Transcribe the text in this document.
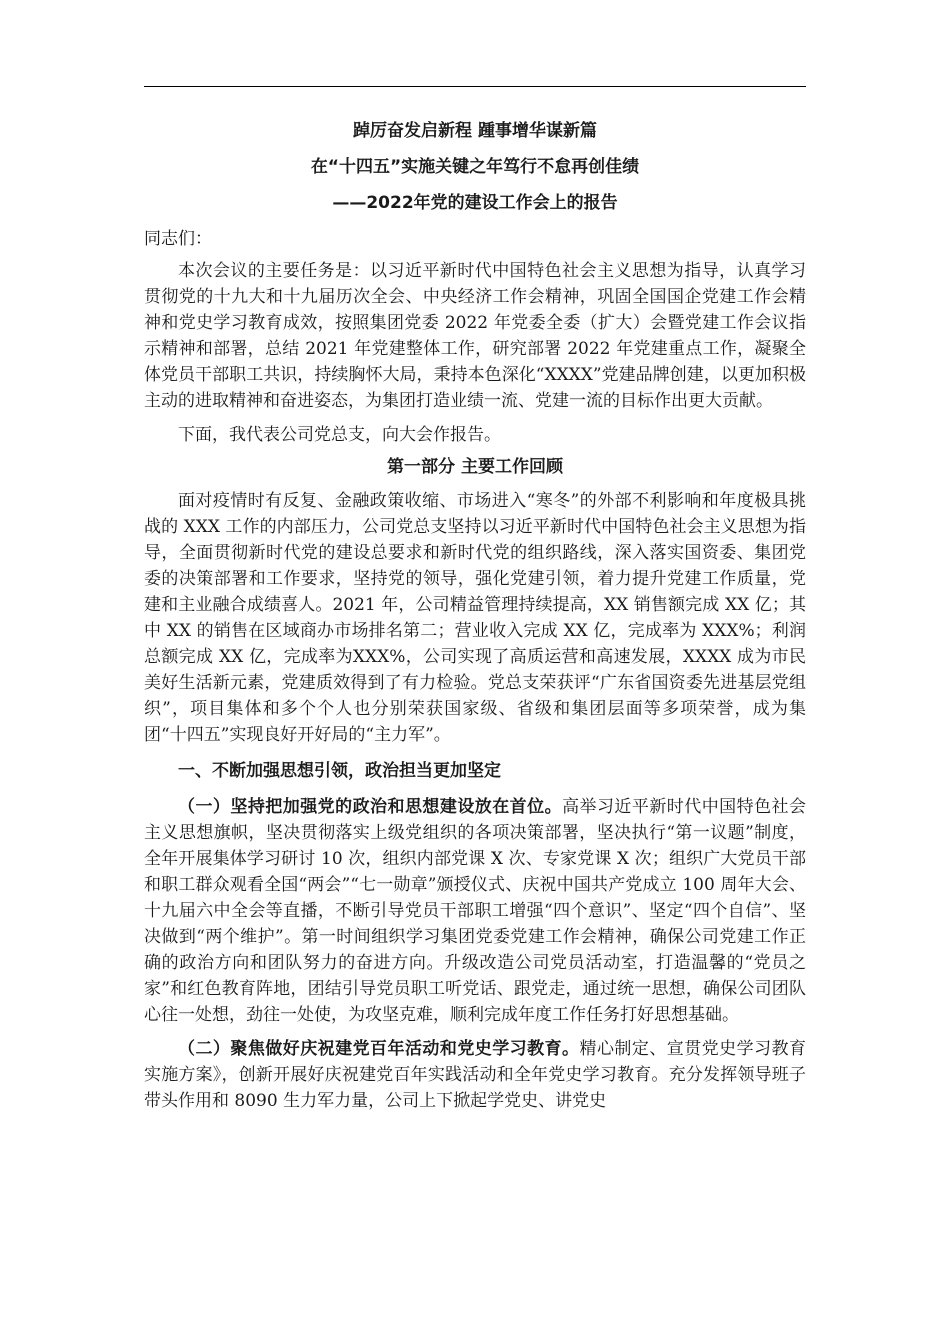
踔厉奋发启新程 踵事增华谋新篇
在“十四五”实施关键之年笃行不怠再创佳绩
——2022年党的建设工作会上的报告

同志们：

本次会议的主要任务是：以习近平新时代中国特色社会主义思想为指导，认真学习贯彻党的十九大和十九届历次全会、中央经济工作会精神，巩固全国国企党建工作会精神和党史学习教育成效，按照集团党委 2022 年党委全委（扩大）会暨党建工作会议指示精神和部署，总结 2021 年党建整体工作，研究部署 2022 年党建重点工作，凝聚全体党员干部职工共识，持续胸怀大局，秉持本色深化“XXXX”党建品牌创建，以更加积极主动的进取精神和奋进姿态，为集团打造业绩一流、党建一流的目标作出更大贡献。

下面，我代表公司党总支，向大会作报告。

第一部分 主要工作回顾

面对疫情时有反复、金融政策收缩、市场进入“寒冬”的外部不利影响和年度极具挑战的 XXX 工作的内部压力，公司党总支坚持以习近平新时代中国特色社会主义思想为指导，全面贯彻新时代党的建设总要求和新时代党的组织路线，深入落实国资委、集团党委的决策部署和工作要求，坚持党的领导，强化党建引领，着力提升党建工作质量，党建和主业融合成绩喜人。2021 年，公司精益管理持续提高，XX 销售额完成 XX 亿；其中 XX 的销售在区域商办市场排名第二；营业收入完成 XX 亿，完成率为 XXX%；利润总额完成 XX 亿，完成率为XXX%，公司实现了高质运营和高速发展，XXXX 成为市民美好生活新元素，党建质效得到了有力检验。党总支荣获评“广东省国资委先进基层党组织”，项目集体和多个个人也分别荣获国家级、省级和集团层面等多项荣誉，成为集团“十四五”实现良好开好局的“主力军”。

一、不断加强思想引领，政治担当更加坚定

（一）坚持把加强党的政治和思想建设放在首位。高举习近平新时代中国特色社会主义思想旗帜，坚决贯彻落实上级党组织的各项决策部署，坚决执行“第一议题”制度，全年开展集体学习研讨 10 次，组织内部党课 X 次、专家党课 X 次；组织广大党员干部和职工群众观看全国“两会”“七一勋章”颁授仪式、庆祝中国共产党成立 100 周年大会、十九届六中全会等直播，不断引导党员干部职工增强“四个意识”、坚定“四个自信”、坚决做到“两个维护”。第一时间组织学习集团党委党建工作会精神，确保公司党建工作正确的政治方向和团队努力的奋进方向。升级改造公司党员活动室，打造温馨的“党员之家”和红色教育阵地，团结引导党员职工听党话、跟党走，通过统一思想，确保公司团队心往一处想，劲往一处使，为攻坚克难，顺利完成年度工作任务打好思想基础。

（二）聚焦做好庆祝建党百年活动和党史学习教育。精心制定、宣贯党史学习教育实施方案》，创新开展好庆祝建党百年实践活动和全年党史学习教育。充分发挥领导班子带头作用和 8090 生力军力量，公司上下掀起学党史、讲党史
